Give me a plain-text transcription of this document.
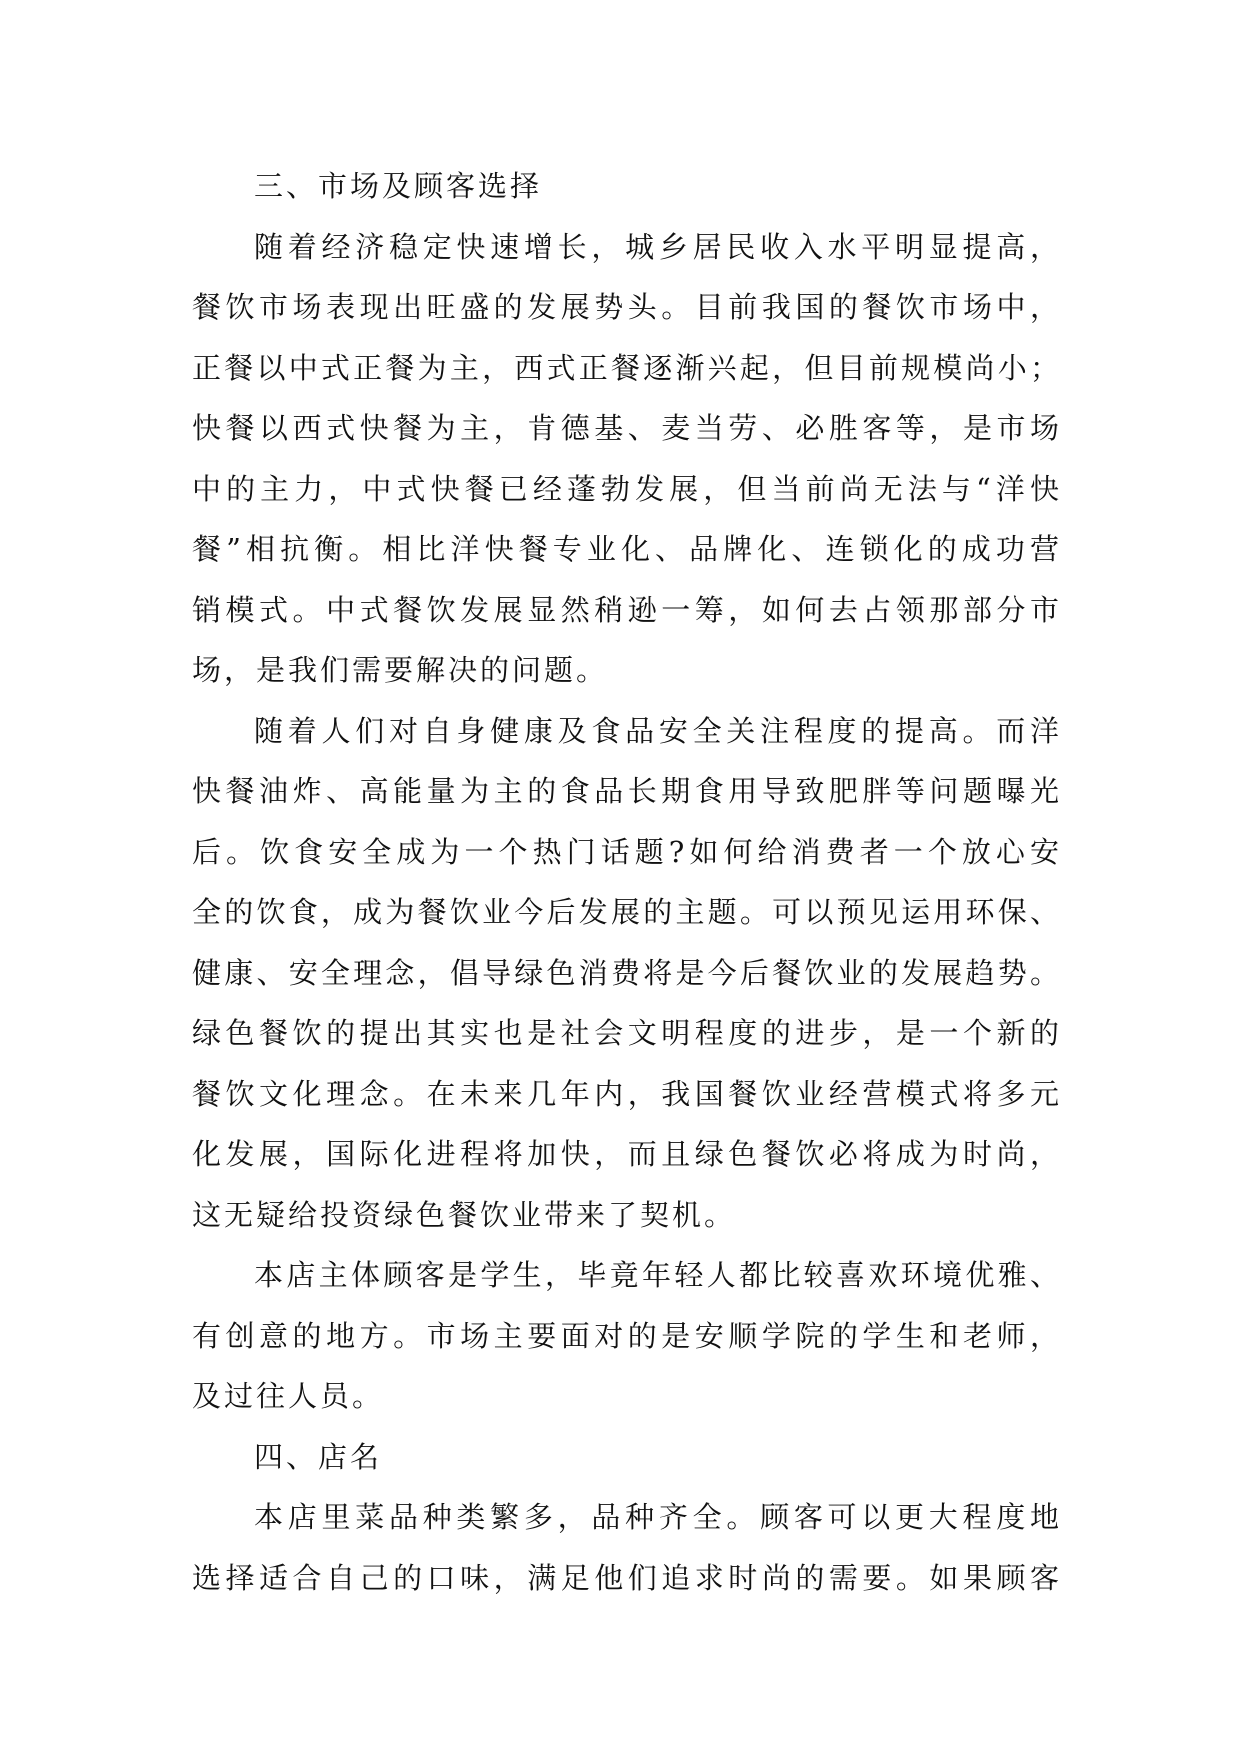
三、市场及顾客选择
随着经济稳定快速增长，城乡居民收入水平明显提高，
餐饮市场表现出旺盛的发展势头。目前我国的餐饮市场中，
正餐以中式正餐为主，西式正餐逐渐兴起，但目前规模尚小；
快餐以西式快餐为主，肯德基、麦当劳、必胜客等，是市场
中的主力，中式快餐已经蓬勃发展，但当前尚无法与“洋快
餐”相抗衡。相比洋快餐专业化、品牌化、连锁化的成功营
销模式。中式餐饮发展显然稍逊一筹，如何去占领那部分市
场，是我们需要解决的问题。
随着人们对自身健康及食品安全关注程度的提高。而洋
快餐油炸、高能量为主的食品长期食用导致肥胖等问题曝光
后。饮食安全成为一个热门话题?如何给消费者一个放心安
全的饮食，成为餐饮业今后发展的主题。可以预见运用环保、
健康、安全理念，倡导绿色消费将是今后餐饮业的发展趋势。
绿色餐饮的提出其实也是社会文明程度的进步，是一个新的
餐饮文化理念。在未来几年内，我国餐饮业经营模式将多元
化发展，国际化进程将加快，而且绿色餐饮必将成为时尚，
这无疑给投资绿色餐饮业带来了契机。
本店主体顾客是学生，毕竟年轻人都比较喜欢环境优雅、
有创意的地方。市场主要面对的是安顺学院的学生和老师，
及过往人员。
四、店名
本店里菜品种类繁多，品种齐全。顾客可以更大程度地
选择适合自己的口味，满足他们追求时尚的需要。如果顾客
